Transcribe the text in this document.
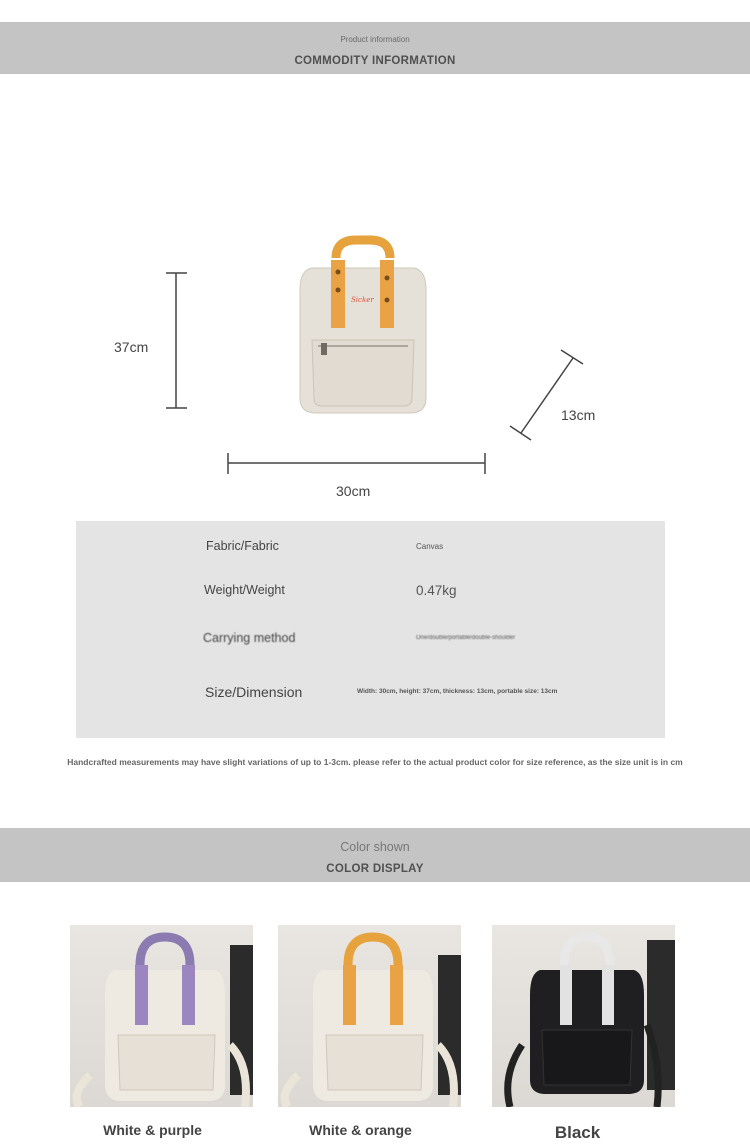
Product information
COMMODITY INFORMATION
Sicker
37cm
30cm
13cm
Fabric/Fabric	Canvas
Weight/Weight	0.47kg
Carrying method	One/double/portable/double-shoulder
Size/Dimension	Width: 30cm, height: 37cm, thickness: 13cm, portable size: 13cm
Handcrafted measurements may have slight variations of up to 1-3cm. please refer to the actual product color for size reference, as the size unit is in cm
Color shown
COLOR DISPLAY
White & purple	White & orange	Black
